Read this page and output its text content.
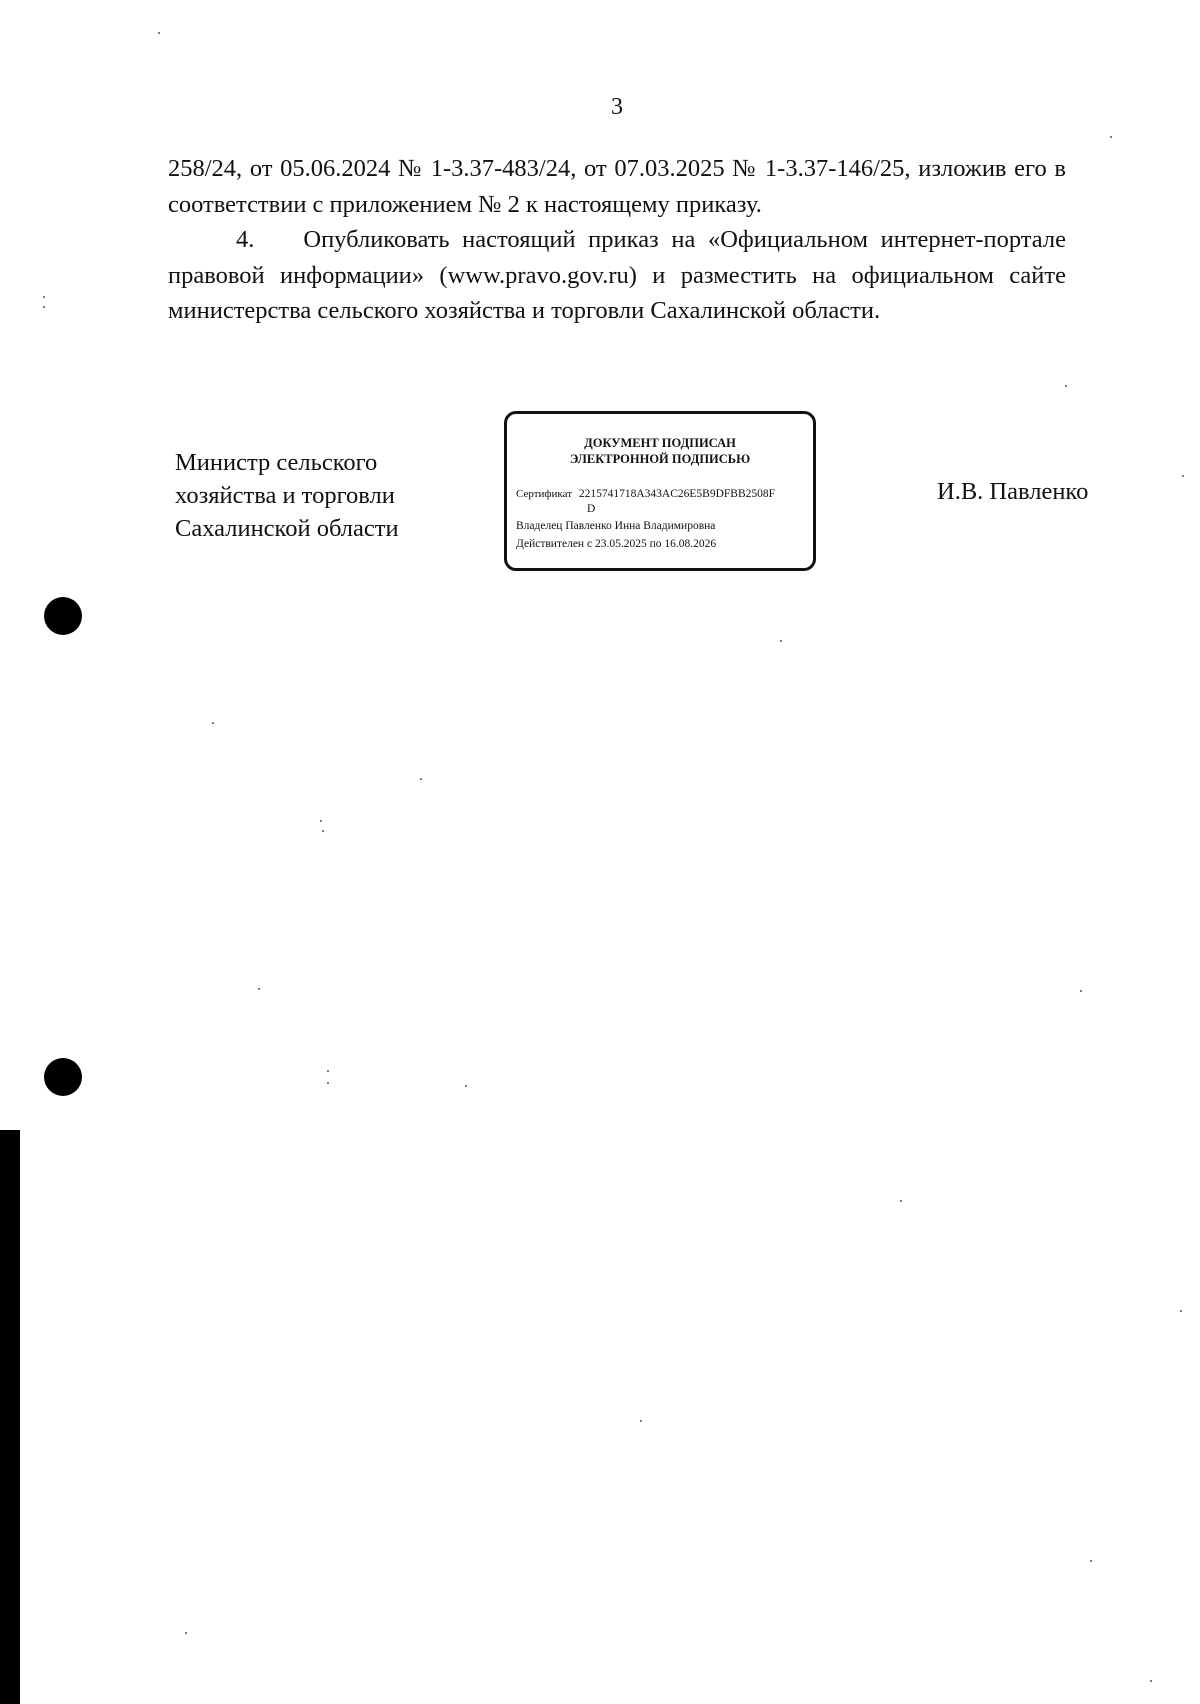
3

258/24, от 05.06.2024 № 1-3.37-483/24, от 07.03.2025 № 1-3.37-146/25, изложив его в соответствии с приложением № 2 к настоящему приказу.

4.  Опубликовать настоящий приказ на «Официальном интернет-портале правовой информации» (www.pravo.gov.ru) и разместить на официальном сайте министерства сельского хозяйства и торговли Сахалинской области.

Министр сельского
хозяйства и торговли
Сахалинской области
ДОКУМЕНТ ПОДПИСАН
ЭЛЕКТРОННОЙ ПОДПИСЬЮ
Сертификат 2215741718A343AC26E5B9DFBB2508F
D
Владелец Павленко Инна Владимировна
Действителен с 23.05.2025 по 16.08.2026
И.В. Павленко
